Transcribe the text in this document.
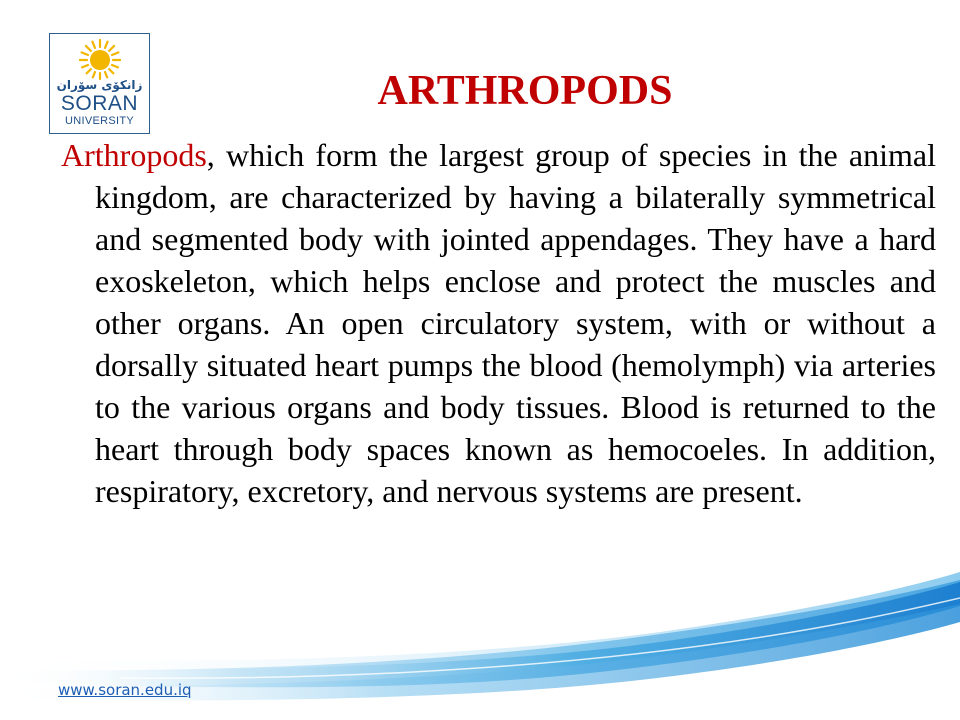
زانكۆی سۆران
SORAN
UNIVERSITY
ARTHROPODS

Arthropods, which form the largest group of species in the animal kingdom, are characterized by having a bilaterally symmetrical and segmented body with jointed appendages. They have a hard exoskeleton, which helps enclose and protect the muscles and other organs. An open circulatory system, with or without a dorsally situated heart pumps the blood (hemolymph) via arteries to the various organs and body tissues. Blood is returned to the heart through body spaces known as hemocoeles. In addition, respiratory, excretory, and nervous systems are present.

www.soran.edu.iq
